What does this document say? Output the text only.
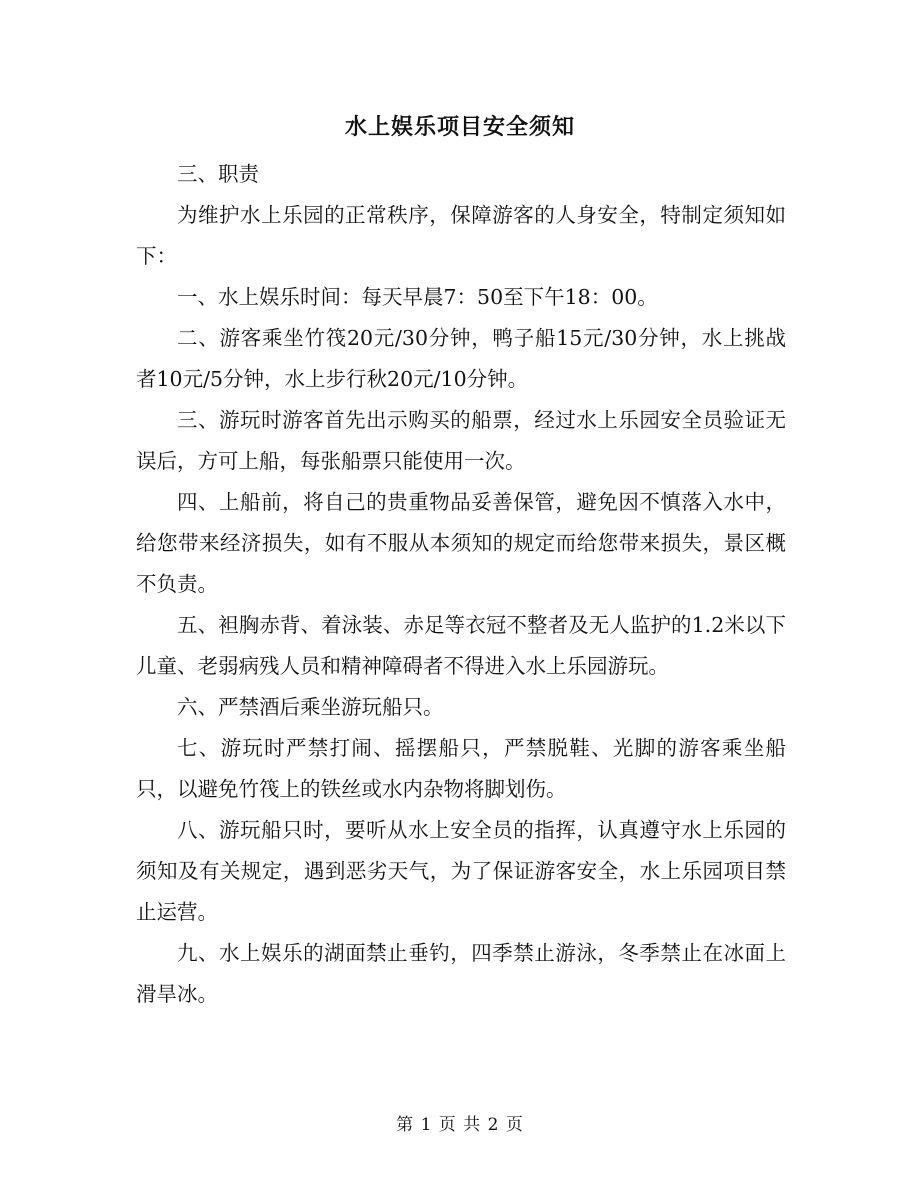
水上娱乐项目安全须知

三、职责

为维护水上乐园的正常秩序，保障游客的人身安全，特制定须知如下：

一、水上娱乐时间：每天早晨7：50至下午18：00。

二、游客乘坐竹筏20元/30分钟，鸭子船15元/30分钟，水上挑战者10元/5分钟，水上步行秋20元/10分钟。

三、游玩时游客首先出示购买的船票，经过水上乐园安全员验证无误后，方可上船，每张船票只能使用一次。

四、上船前，将自己的贵重物品妥善保管，避免因不慎落入水中，给您带来经济损失，如有不服从本须知的规定而给您带来损失，景区概不负责。

五、袒胸赤背、着泳装、赤足等衣冠不整者及无人监护的1.2米以下儿童、老弱病残人员和精神障碍者不得进入水上乐园游玩。

六、严禁酒后乘坐游玩船只。

七、游玩时严禁打闹、摇摆船只，严禁脱鞋、光脚的游客乘坐船只，以避免竹筏上的铁丝或水内杂物将脚划伤。

八、游玩船只时，要听从水上安全员的指挥，认真遵守水上乐园的须知及有关规定，遇到恶劣天气，为了保证游客安全，水上乐园项目禁止运营。

九、水上娱乐的湖面禁止垂钓，四季禁止游泳，冬季禁止在冰面上滑旱冰。

第 1 页 共 2 页
